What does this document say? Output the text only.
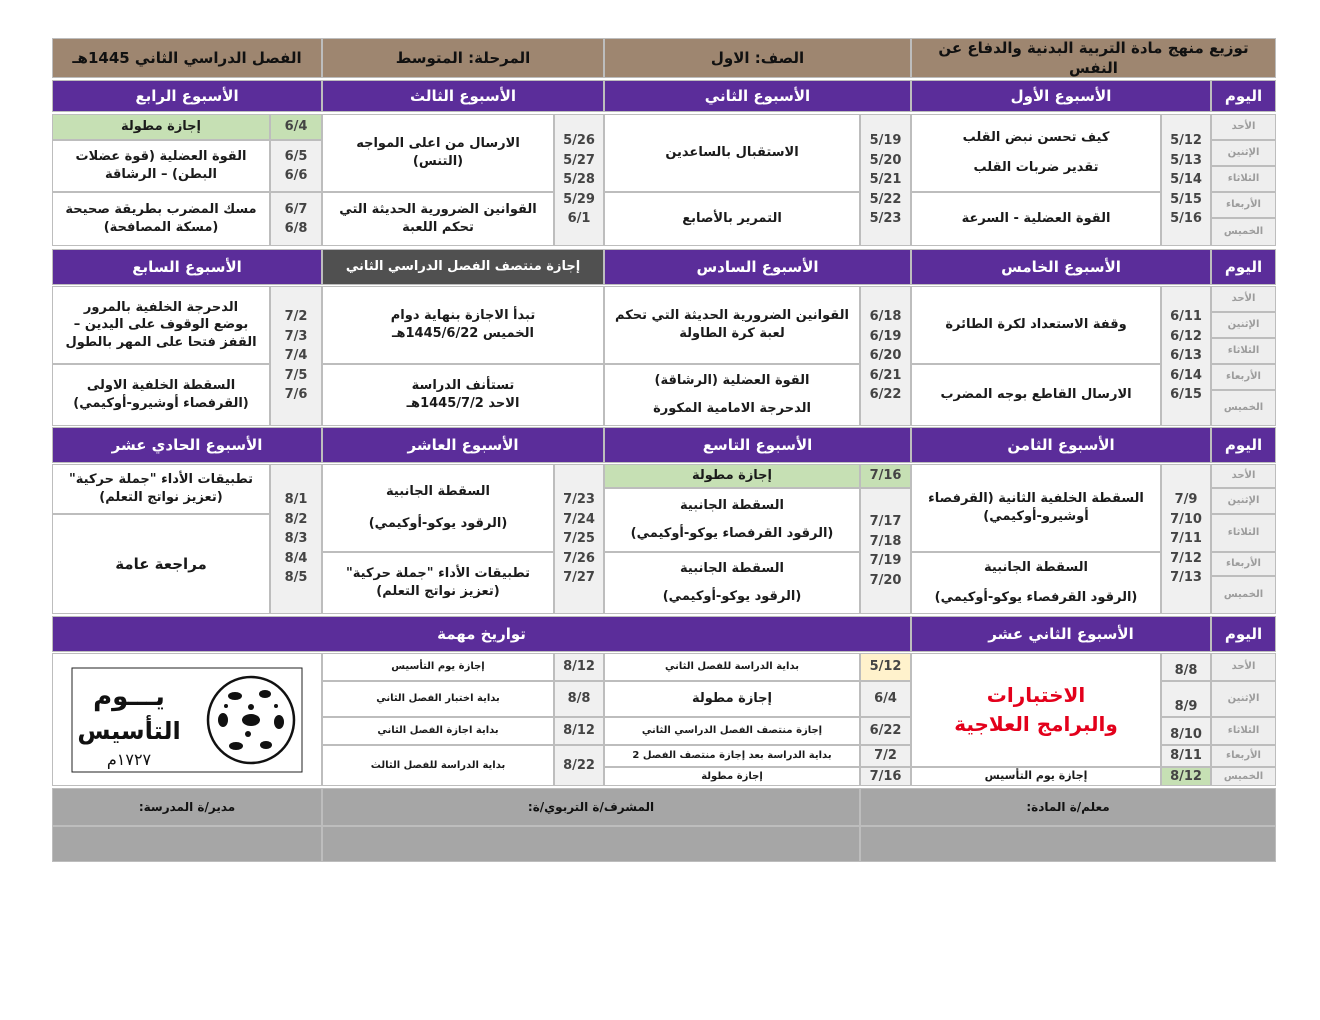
توزيع منهج مادة التربية البدنية والدفاع عن النفس
الصف: الاول
المرحلة: المتوسط
الفصل الدراسي الثاني 1445هـ
اليوم
الأسبوع الأول
الأسبوع الثاني
الأسبوع الثالث
الأسبوع الرابع
الأحد
الإثنين
الثلاثاء
الأربعاء
الخميس
5/12
5/13
5/14
5/15
5/16
كيف تحسن نبض القلب
تقدير ضربات القلب
القوة العضلية - السرعة
5/19
5/20
5/21
5/22
5/23
الاستقبال بالساعدين
التمرير بالأصابع
5/26
5/27
5/28
5/29
6/1
الارسال من اعلى المواجه
(التنس)
القوانين الضرورية الحديثة التي
تحكم اللعبة
6/4
إجازة مطولة
6/5
6/6
6/7
6/8
القوة العضلية (قوة عضلات
البطن) – الرشاقة
مسك المضرب بطريقة صحيحة
(مسكة المصافحة)
اليوم
الأسبوع الخامس
الأسبوع السادس
إجازة منتصف الفصل الدراسي الثاني
الأسبوع السابع
الأحد
الإثنين
الثلاثاء
الأربعاء
الخميس
6/11
6/12
6/13
6/14
6/15
وقفة الاستعداد لكرة الطائرة
الارسال القاطع بوجه المضرب
6/18
6/19
6/20
6/21
6/22
القوانين الضرورية الحديثة التي تحكم
لعبة كرة الطاولة
القوة العضلية (الرشاقة)
الدحرجة الامامية المكورة
تبدأ الاجازة بنهاية دوام
الخميس 1445/6/22هـ
تستأنف الدراسة
الاحد 1445/7/2هـ
7/2
7/3
7/4
7/5
7/6
الدحرجة الخلفية بالمرور
بوضع الوقوف على اليدين –
القفز فتحا على المهر بالطول
السقطة الخلفية الاولى
(القرفصاء أوشيرو-أوكيمي)
اليوم
الأسبوع الثامن
الأسبوع التاسع
الأسبوع العاشر
الأسبوع الحادي عشر
الأحد
الإثنين
الثلاثاء
الأربعاء
الخميس
7/9
7/10
7/11
7/12
7/13
السقطة الخلفية الثانية (القرفصاء
أوشيرو-أوكيمي)
السقطة الجانبية
(الرقود القرفصاء يوكو-أوكيمي)
7/16
إجازة مطولة
7/17
7/18
7/19
7/20
السقطة الجانبية
(الرقود القرفصاء يوكو-أوكيمي)
السقطة الجانبية
(الرقود يوكو-أوكيمي)
7/23
7/24
7/25
7/26
7/27
السقطة الجانبية
(الرقود يوكو-أوكيمي)
تطبيقات الأداء "جملة حركية"
(تعزيز نواتج التعلم)
8/1
8/2
8/3
8/4
8/5
تطبيقات الأداء "جملة حركية"
(تعزيز نواتج التعلم)
مراجعة عامة
اليوم
الأسبوع الثاني عشر
تواريخ مهمة
الأحد
الإثنين
الثلاثاء
الأربعاء
الخميس
8/8
8/9
8/10
8/11
8/12
الاختبارات
والبرامج العلاجية
إجازة يوم التأسيس
5/12
بداية الدراسة للفصل الثاني
6/4
إجازة مطولة
6/22
إجازة منتصف الفصل الدراسي الثاني
7/2
بداية الدراسة بعد إجازة منتصف الفصل 2
7/16
إجازة مطولة
8/12
إجازة يوم التأسيس
8/8
بداية اختبار الفصل الثاني
8/12
بداية اجازة الفصل الثاني
8/22
بداية الدراسة للفصل الثالث
يـــوم
التأسيس
١٧٢٧م
معلم/ة المادة:
المشرف/ة التربوي/ة:
مدير/ة المدرسة:
